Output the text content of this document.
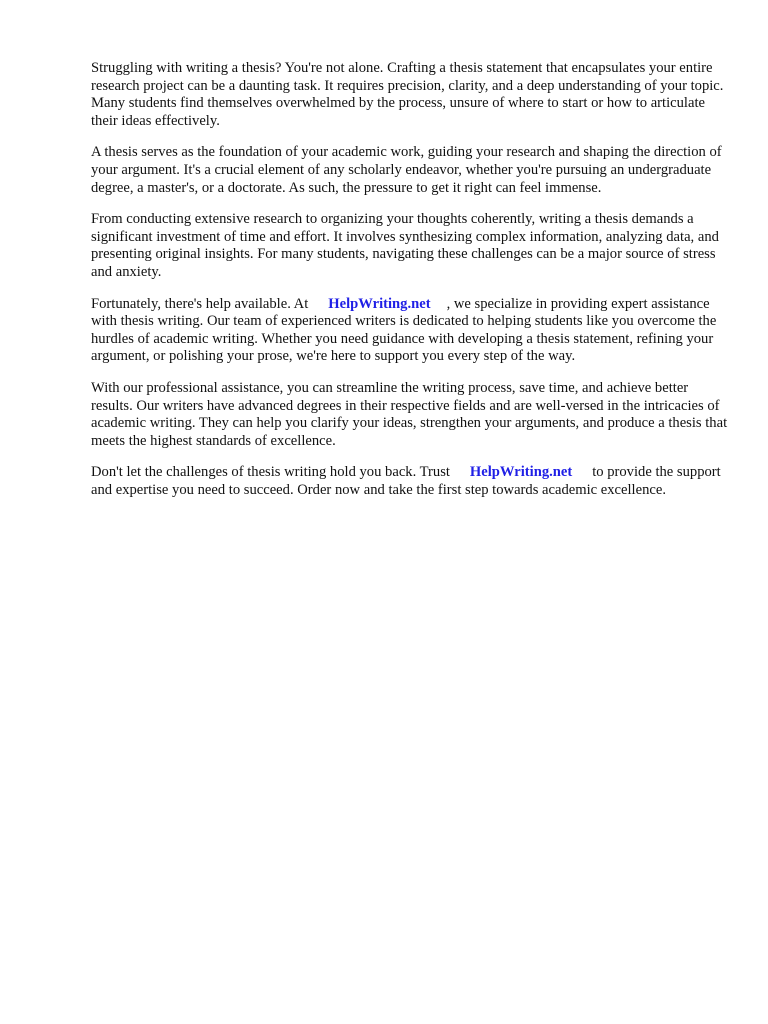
Struggling with writing a thesis? You're not alone. Crafting a thesis statement that encapsulates your entire research project can be a daunting task. It requires precision, clarity, and a deep understanding of your topic. Many students find themselves overwhelmed by the process, unsure of where to start or how to articulate their ideas effectively.

A thesis serves as the foundation of your academic work, guiding your research and shaping the direction of your argument. It's a crucial element of any scholarly endeavor, whether you're pursuing an undergraduate degree, a master's, or a doctorate. As such, the pressure to get it right can feel immense.

From conducting extensive research to organizing your thoughts coherently, writing a thesis demands a significant investment of time and effort. It involves synthesizing complex information, analyzing data, and presenting original insights. For many students, navigating these challenges can be a major source of stress and anxiety.

Fortunately, there's help available. At HelpWriting.net , we specialize in providing expert assistance with thesis writing. Our team of experienced writers is dedicated to helping students like you overcome the hurdles of academic writing. Whether you need guidance with developing a thesis statement, refining your argument, or polishing your prose, we're here to support you every step of the way.

With our professional assistance, you can streamline the writing process, save time, and achieve better results. Our writers have advanced degrees in their respective fields and are well-versed in the intricacies of academic writing. They can help you clarify your ideas, strengthen your arguments, and produce a thesis that meets the highest standards of excellence.

Don't let the challenges of thesis writing hold you back. Trust HelpWriting.net to provide the support and expertise you need to succeed. Order now and take the first step towards academic excellence.
